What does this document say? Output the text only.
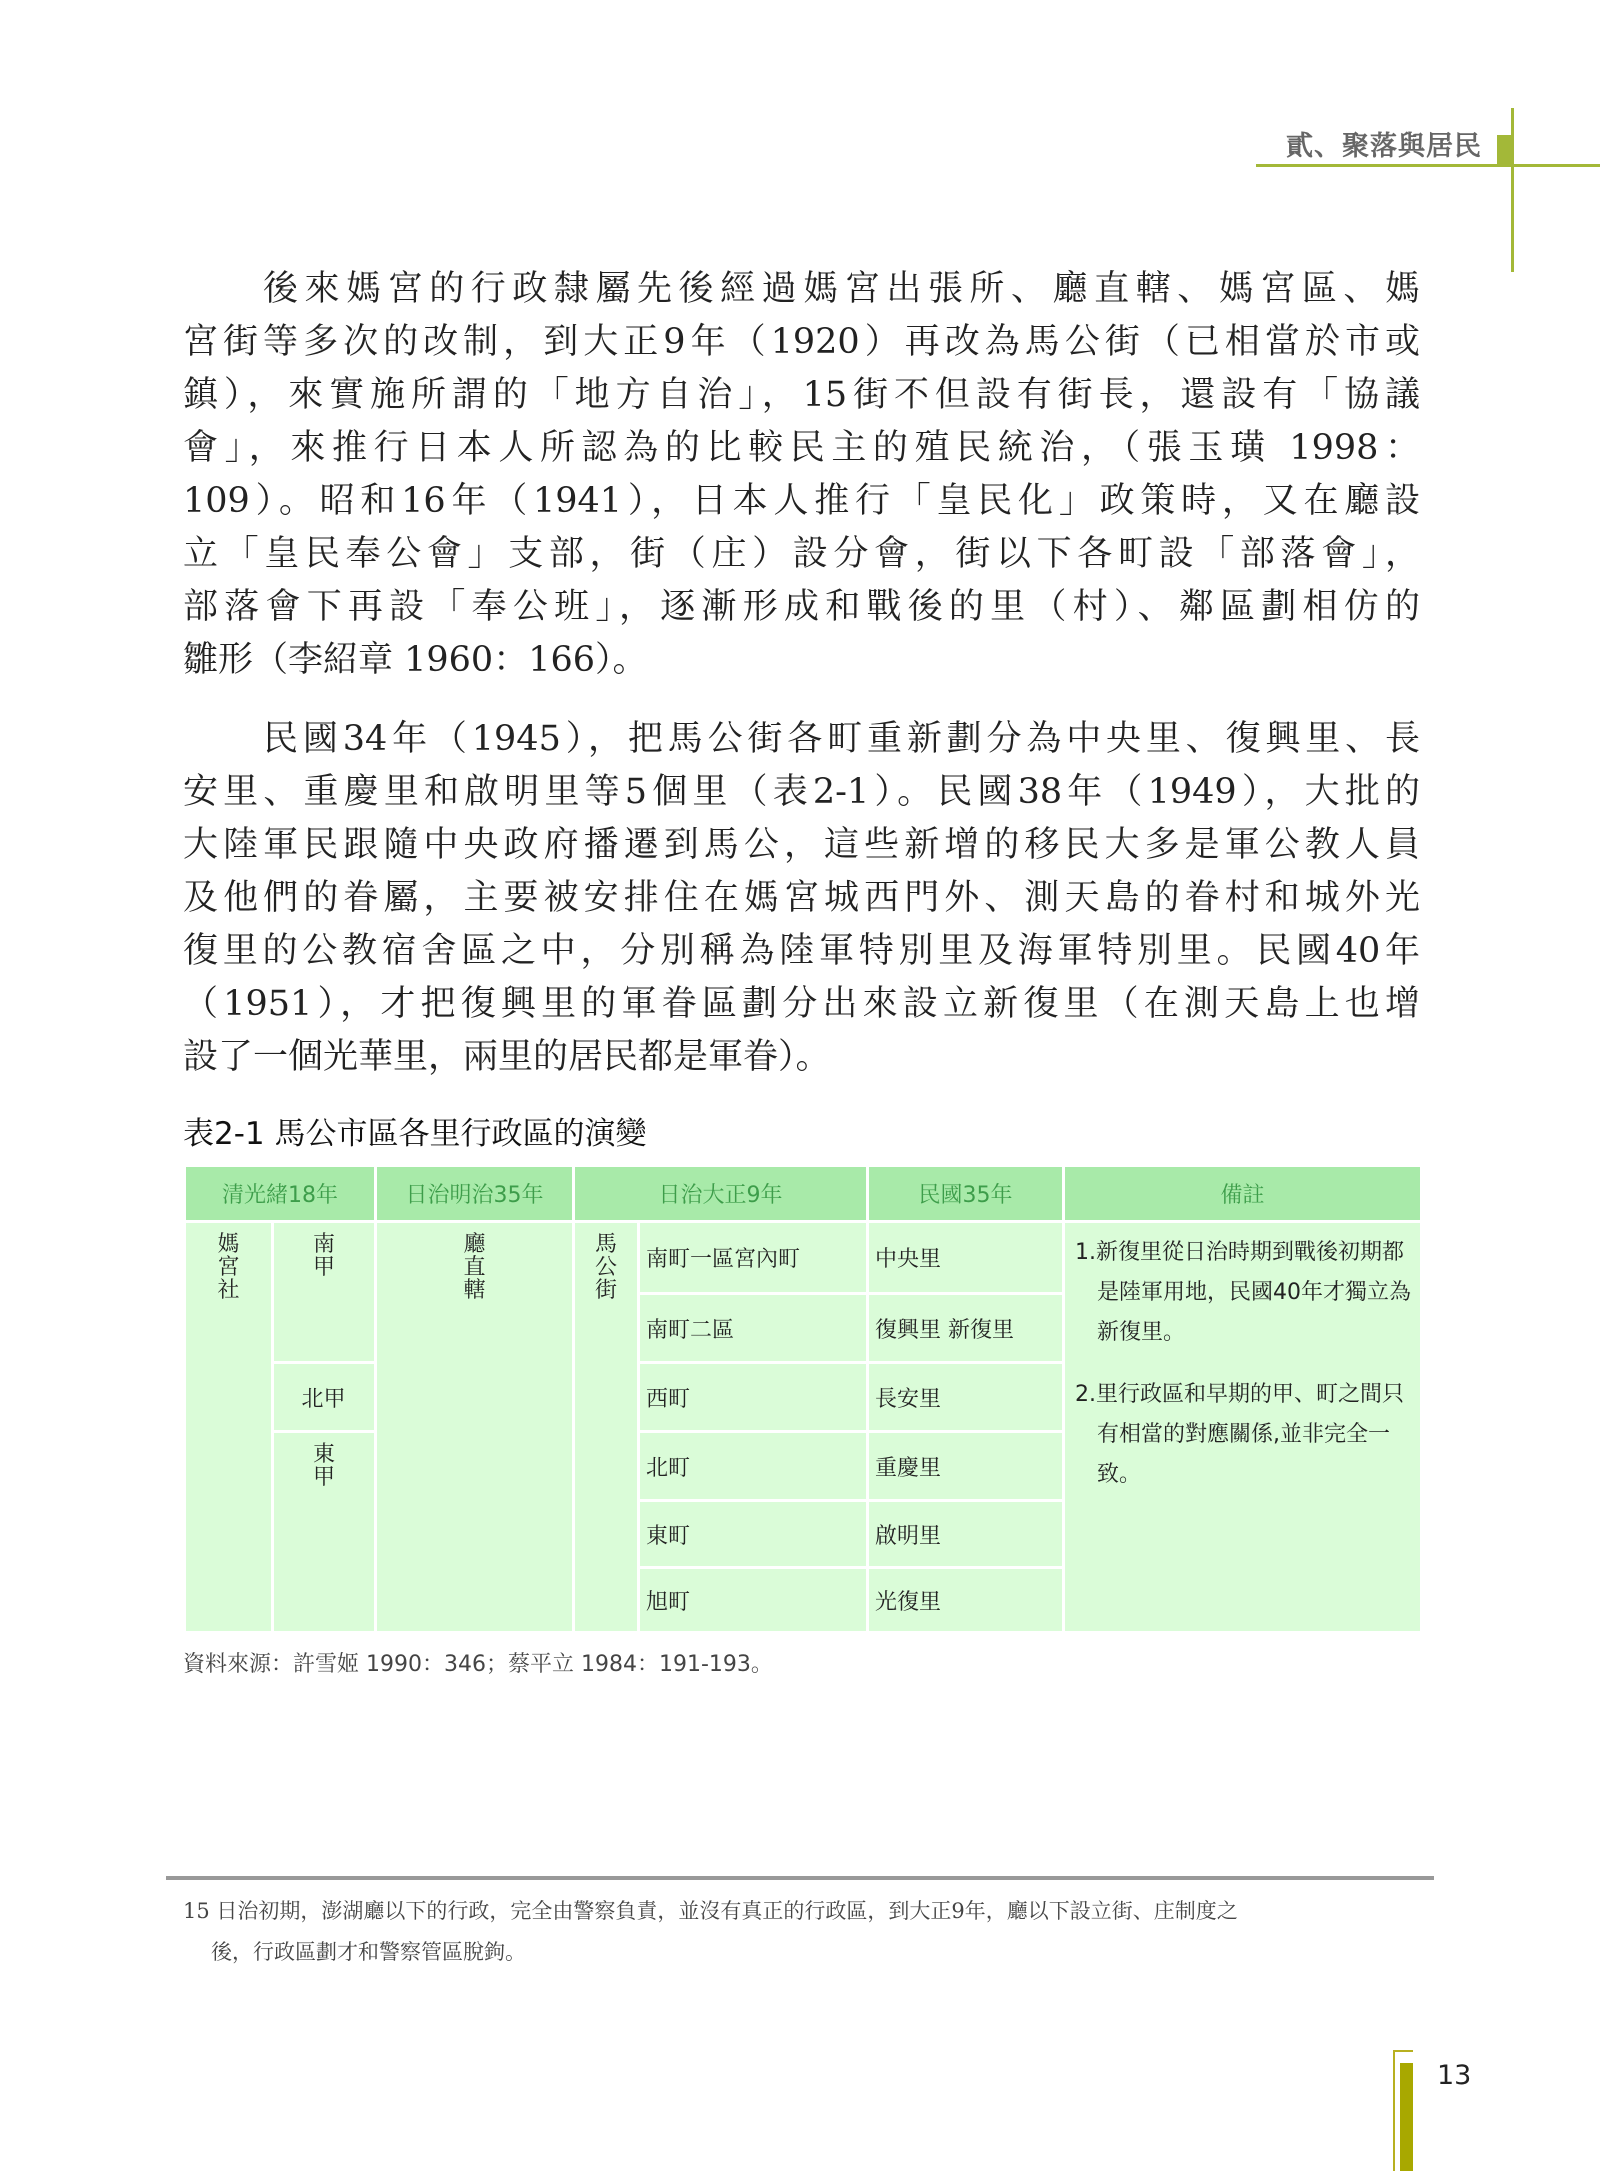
貳、聚落與居民
後來媽宮的行政隸屬先後經過媽宮出張所、廳直轄、媽宮區、媽
宮街等多次的改制，到大正9年（1920）再改為馬公街（已相當於市或
鎮），來實施所謂的「地方自治」，15街不但設有街長，還設有「協議
會」，來推行日本人所認為的比較民主的殖民統治，（張玉璜 1998：
109）。昭和16年（1941），日本人推行「皇民化」政策時，又在廳設
立「皇民奉公會」支部，街（庄）設分會，街以下各町設「部落會」，
部落會下再設「奉公班」，逐漸形成和戰後的里（村）、鄰區劃相仿的
雛形（李紹章 1960：166）。
民國34年（1945），把馬公街各町重新劃分為中央里、復興里、長
安里、重慶里和啟明里等5個里（表2-1）。民國38年（1949），大批的
大陸軍民跟隨中央政府播遷到馬公，這些新增的移民大多是軍公教人員
及他們的眷屬，主要被安排住在媽宮城西門外、測天島的眷村和城外光
復里的公教宿舍區之中，分別稱為陸軍特別里及海軍特別里。民國40年
（1951），才把復興里的軍眷區劃分出來設立新復里（在測天島上也增
設了一個光華里，兩里的居民都是軍眷）。
表2-1 馬公市區各里行政區的演變
清光緒18年		日治明治35年	日治大正9年		民國35年	備註
媽宮社	南甲	廳直轄	馬公街	南町一區宮內町	中央里	1.新復里從日治時期到戰後初期都是陸軍用地，民國40年才獨立為新復里。
2.里行政區和早期的甲、町之間只有相當的對應關係,並非完全一致。

				南町二區	復興里 新復里	
	北甲			西町	長安里	
	東甲			北町	重慶里	
				東町	啟明里	
				旭町	光復里	
資料來源：許雪姬 1990：346；蔡平立 1984：191-193。
15 日治初期，澎湖廳以下的行政，完全由警察負責，並沒有真正的行政區，到大正9年，廳以下設立街、庄制度之
後，行政區劃才和警察管區脫鉤。
13
